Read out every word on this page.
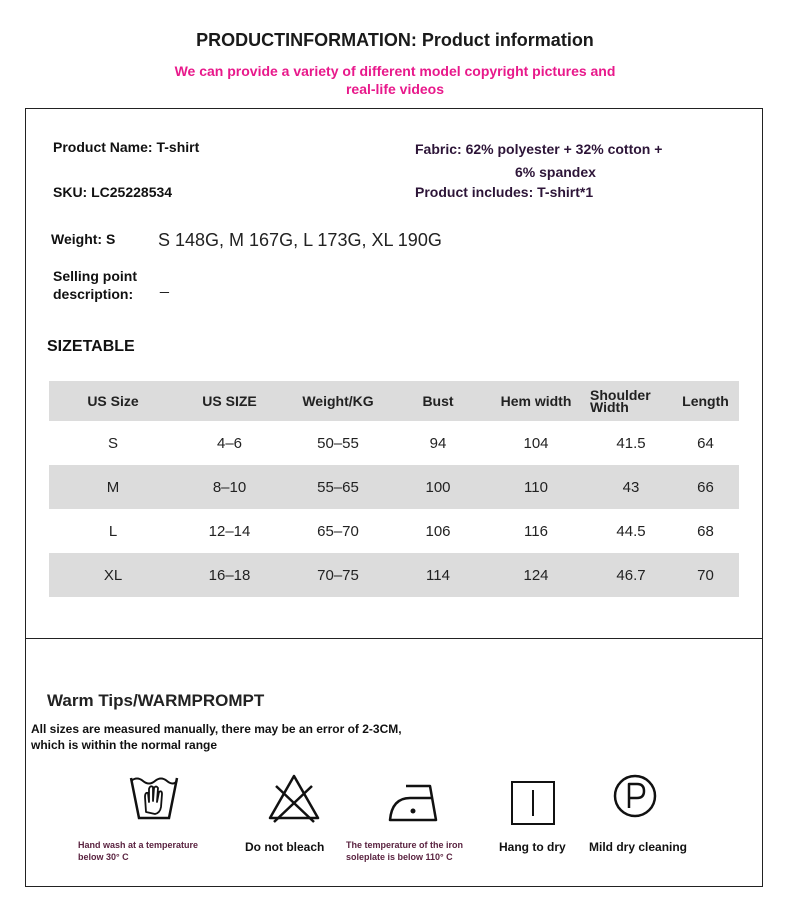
PRODUCTINFORMATION: Product information
We can provide a variety of different model copyright pictures and
real-life videos
Product Name: T-shirt
SKU: LC25228534
Fabric: 62% polyester + 32% cotton +
6% spandex
Product includes: T-shirt*1
Weight: S S 148G, M 167G, L 173G, XL 190G
Selling point
description: _
SIZETABLE
US Size	US SIZE	Weight/KG	Bust	Hem width	Shoulder Width	Length
S	4–6	50–55	94	104	41.5	64
M	8–10	55–65	100	110	43	66
L	12–14	65–70	106	116	44.5	68
XL	16–18	70–75	114	124	46.7	70
Warm Tips/WARMPROMPT
All sizes are measured manually, there may be an error of 2-3CM,
which is within the normal range
Hand wash at a temperature
below 30° C
Do not bleach The temperature of the iron
soleplate is below 110° C
Hang to dry Mild dry cleaning
